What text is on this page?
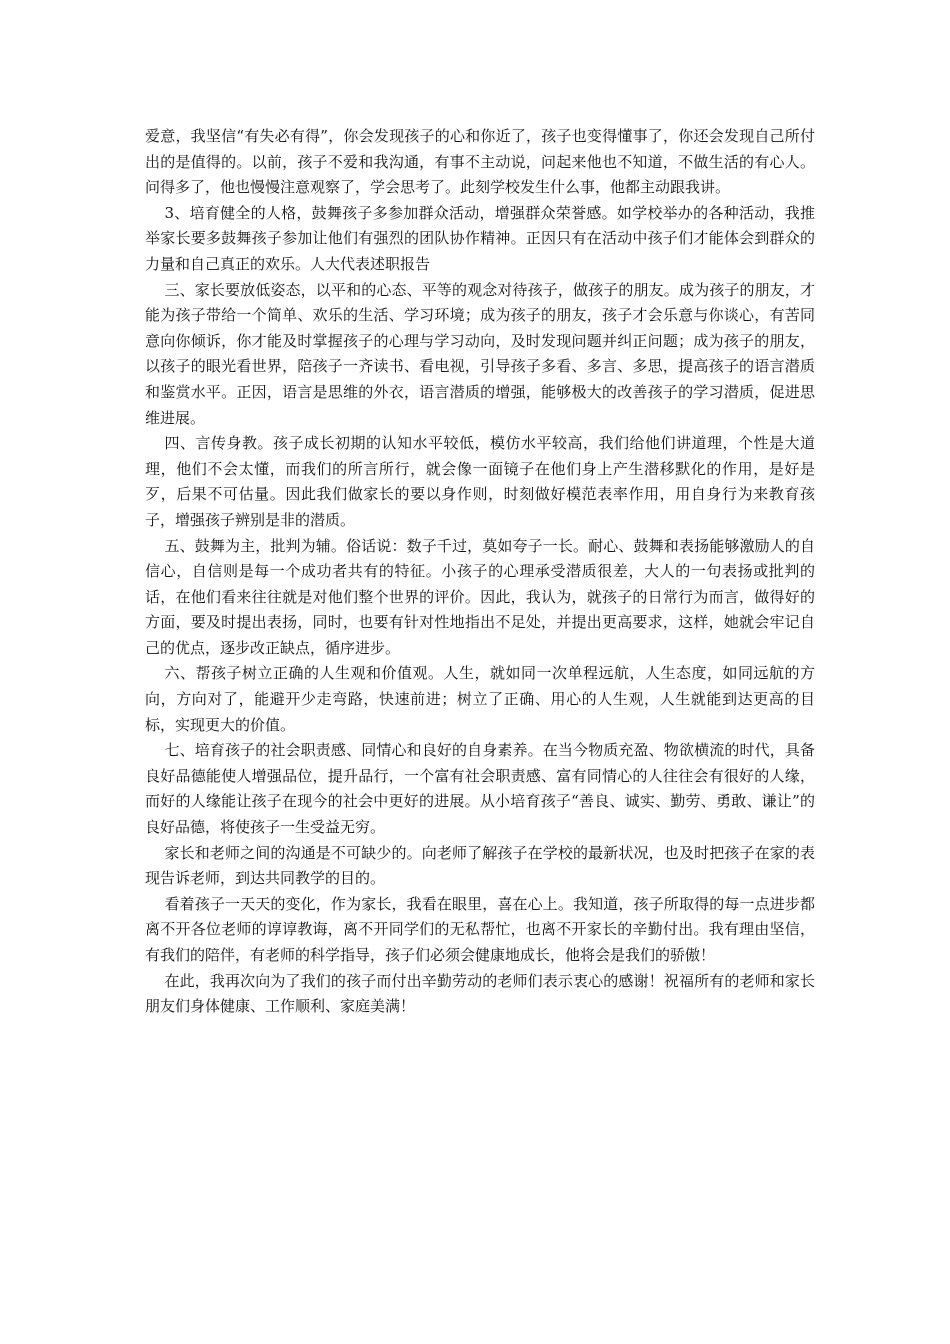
爱意，我坚信“有失必有得”，你会发现孩子的心和你近了，孩子也变得懂事了，你还会发现自己所付出的是值得的。以前，孩子不爱和我沟通，有事不主动说，问起来他也不知道，不做生活的有心人。问得多了，他也慢慢注意观察了，学会思考了。此刻学校发生什么事，他都主动跟我讲。

3、培育健全的人格，鼓舞孩子多参加群众活动，增强群众荣誉感。如学校举办的各种活动，我推举家长要多鼓舞孩子参加让他们有强烈的团队协作精神。正因只有在活动中孩子们才能体会到群众的力量和自己真正的欢乐。人大代表述职报告

三、家长要放低姿态，以平和的心态、平等的观念对待孩子，做孩子的朋友。成为孩子的朋友，才能为孩子带给一个简单、欢乐的生活、学习环境；成为孩子的朋友，孩子才会乐意与你谈心，有苦同意向你倾诉，你才能及时掌握孩子的心理与学习动向，及时发现问题并纠正问题；成为孩子的朋友，以孩子的眼光看世界，陪孩子一齐读书、看电视，引导孩子多看、多言、多思，提高孩子的语言潜质和鉴赏水平。正因，语言是思维的外衣，语言潜质的增强，能够极大的改善孩子的学习潜质，促进思维进展。

四、言传身教。孩子成长初期的认知水平较低，模仿水平较高，我们给他们讲道理，个性是大道理，他们不会太懂，而我们的所言所行，就会像一面镜子在他们身上产生潜移默化的作用，是好是歹，后果不可估量。因此我们做家长的要以身作则，时刻做好模范表率作用，用自身行为来教育孩子，增强孩子辨别是非的潜质。

五、鼓舞为主，批判为辅。俗话说：数子千过，莫如夸子一长。耐心、鼓舞和表扬能够激励人的自信心，自信则是每一个成功者共有的特征。小孩子的心理承受潜质很差，大人的一句表扬或批判的话，在他们看来往往就是对他们整个世界的评价。因此，我认为，就孩子的日常行为而言，做得好的方面，要及时提出表扬，同时，也要有针对性地指出不足处，并提出更高要求，这样，她就会牢记自己的优点，逐步改正缺点，循序进步。

六、帮孩子树立正确的人生观和价值观。人生，就如同一次单程远航，人生态度，如同远航的方向，方向对了，能避开少走弯路，快速前进；树立了正确、用心的人生观，人生就能到达更高的目标，实现更大的价值。

七、培育孩子的社会职责感、同情心和良好的自身素养。在当今物质充盈、物欲横流的时代，具备良好品德能使人增强品位，提升品行，一个富有社会职责感、富有同情心的人往往会有很好的人缘，而好的人缘能让孩子在现今的社会中更好的进展。从小培育孩子“善良、诚实、勤劳、勇敢、谦让”的良好品德，将使孩子一生受益无穷。

家长和老师之间的沟通是不可缺少的。向老师了解孩子在学校的最新状况，也及时把孩子在家的表现告诉老师，到达共同教学的目的。

看着孩子一天天的变化，作为家长，我看在眼里，喜在心上。我知道，孩子所取得的每一点进步都离不开各位老师的谆谆教诲，离不开同学们的无私帮忙，也离不开家长的辛勤付出。我有理由坚信，有我们的陪伴，有老师的科学指导，孩子们必须会健康地成长，他将会是我们的骄傲！

在此，我再次向为了我们的孩子而付出辛勤劳动的老师们表示衷心的感谢！祝福所有的老师和家长朋友们身体健康、工作顺利、家庭美满！
